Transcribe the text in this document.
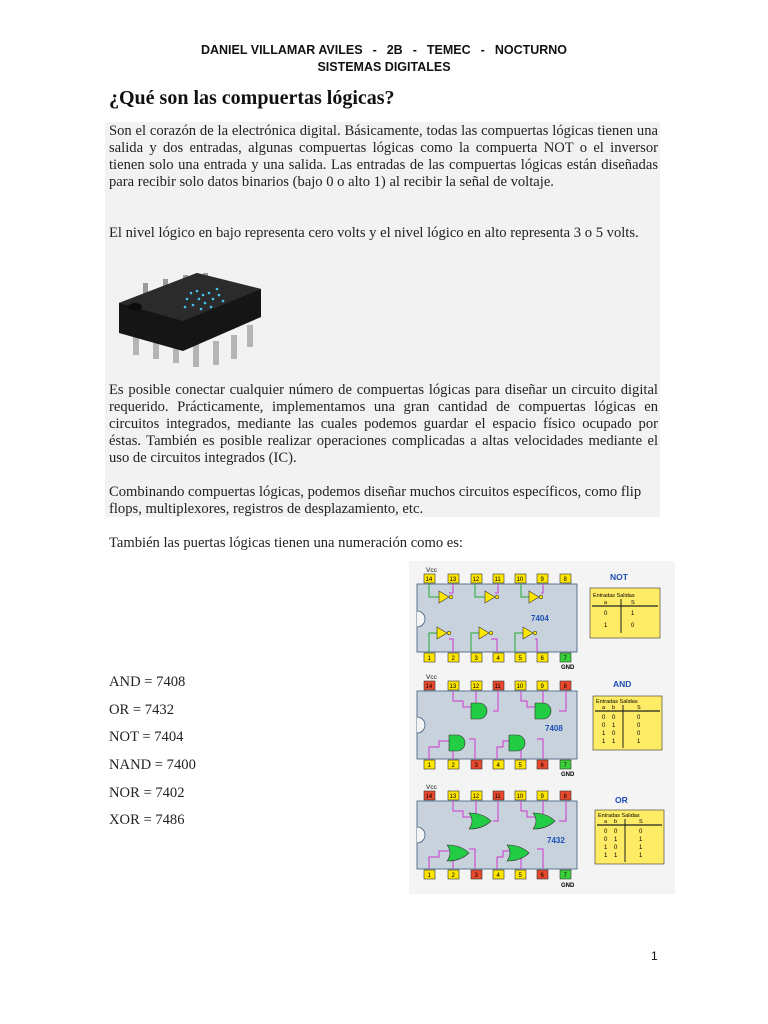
DANIEL VILLAMAR AVILES - 2B - TEMEC - NOCTURNO
SISTEMAS DIGITALES
¿Qué son las compuertas lógicas?
Son el corazón de la electrónica digital. Básicamente, todas las compuertas lógicas tienen una salida y dos entradas, algunas compuertas lógicas como la compuerta NOT o el inversor tienen solo una entrada y una salida. Las entradas de las compuertas lógicas están diseñadas para recibir solo datos binarios (bajo 0 o alto 1) al recibir la señal de voltaje.
El nivel lógico en bajo representa cero volts y el nivel lógico en alto representa 3 o 5 volts.
Es posible conectar cualquier número de compuertas lógicas para diseñar un circuito digital requerido. Prácticamente, implementamos una gran cantidad de compuertas lógicas en circuitos integrados, mediante las cuales podemos guardar el espacio físico ocupado por éstas. También es posible realizar operaciones complicadas a altas velocidades mediante el uso de circuitos integrados (IC).
Combinando compuertas lógicas, podemos diseñar muchos circuitos específicos, como flip flops, multiplexores, registros de desplazamiento, etc.
También las puertas lógicas tienen una numeración como es:
AND = 7408
OR = 7432
NOT = 7404
NAND = 7400
NOR = 7402
XOR = 7486
Vcc
14	13	12	11	10	9	8
7404
1	2	3	4	5	6	7
GND
NOT
Entradas Salidas
a	S
0	1
1	0
Vcc
14	13	12	11	10	9	8
7408
1	2	3	4	5	6	7
GND
AND
Entradas Salidas
a b	S
0 0	0
0 1	0
1 0	0
1 1	1
Vcc
14	13	12	11	10	9	8
7432
1	2	3	4	5	6	7
GND
OR
Entradas Salidas
a b	S
0 0	0
0 1	1
1 0	1
1 1	1
1
